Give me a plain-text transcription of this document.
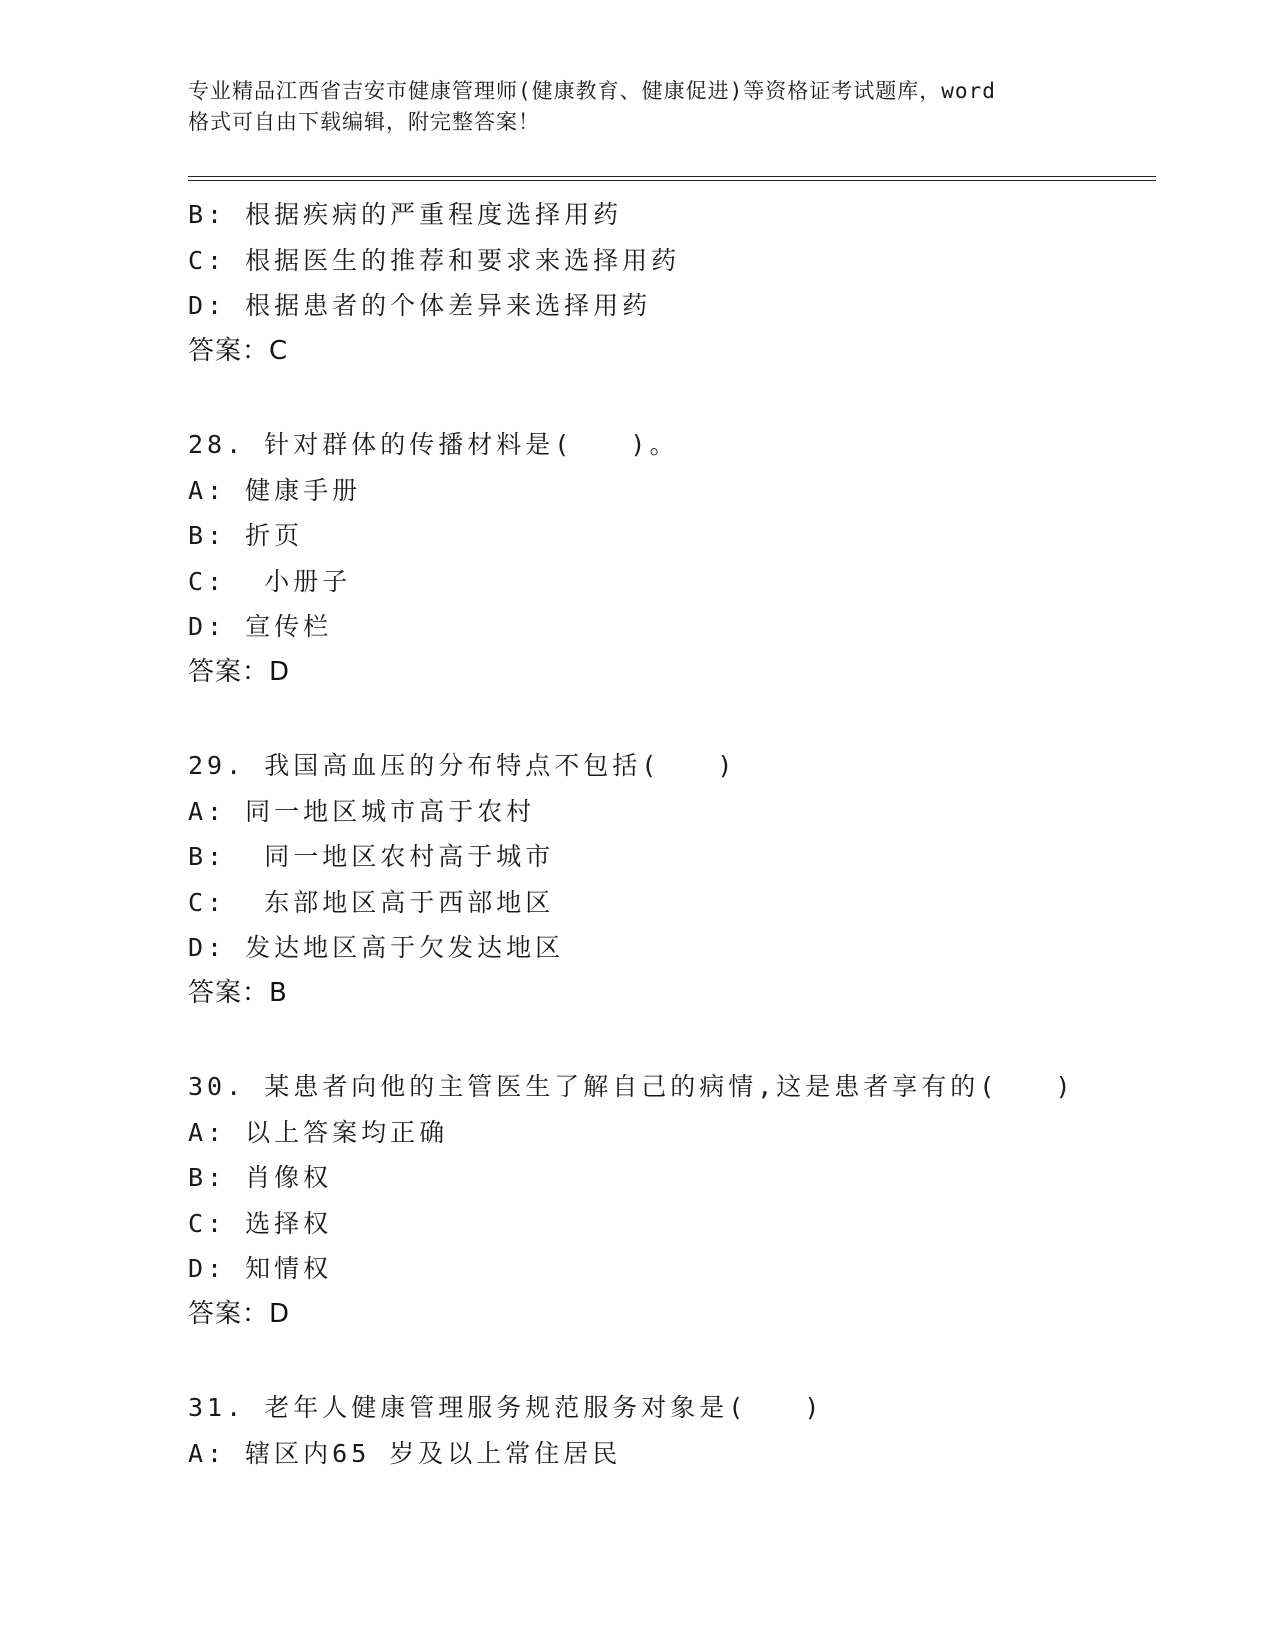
专业精品江西省吉安市健康管理师(健康教育、健康促进)等资格证考试题库，word
格式可自由下载编辑，附完整答案！
B: 根据疾病的严重程度选择用药
C: 根据医生的推荐和要求来选择用药
D: 根据患者的个体差异来选择用药
答案：C
28. 针对群体的传播材料是(   )。
A: 健康手册
B: 折页
C:  小册子
D: 宣传栏
答案：D
29. 我国高血压的分布特点不包括(   )
A: 同一地区城市高于农村
B:  同一地区农村高于城市
C:  东部地区高于西部地区
D: 发达地区高于欠发达地区
答案：B
30. 某患者向他的主管医生了解自己的病情,这是患者享有的(   )
A: 以上答案均正确
B: 肖像权
C: 选择权
D: 知情权
答案：D
31. 老年人健康管理服务规范服务对象是(   )
A: 辖区内65 岁及以上常住居民
